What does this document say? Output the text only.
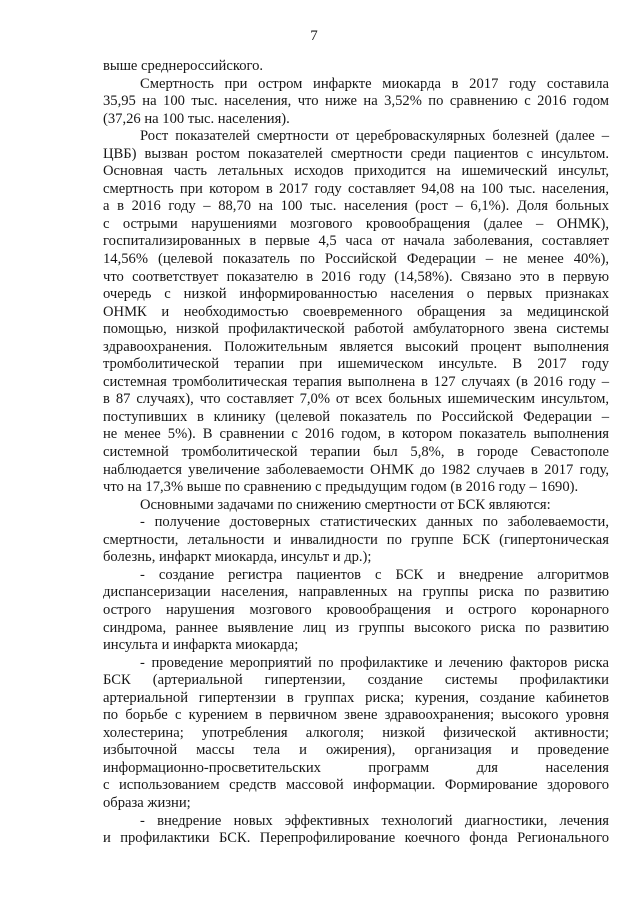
7

выше среднероссийского.

Смертность при остром инфаркте миокарда в 2017 году составила

35,95 на 100 тыс. населения, что ниже на 3,52% по сравнению с 2016 годом

(37,26 на 100 тыс. населения).

Рост показателей смертности от цереброваскулярных болезней (далее –

ЦВБ) вызван ростом показателей смертности среди пациентов с инсультом.

Основная часть летальных исходов приходится на ишемический инсульт,

смертность при котором в 2017 году составляет 94,08 на 100 тыс. населения,

а в 2016 году – 88,70 на 100 тыс. населения (рост – 6,1%). Доля больных

с острыми нарушениями мозгового кровообращения (далее – ОНМК),

госпитализированных в первые 4,5 часа от начала заболевания, составляет

14,56% (целевой показатель по Российской Федерации – не менее 40%),

что соответствует показателю в 2016 году (14,58%). Связано это в первую

очередь с низкой информированностью населения о первых признаках

ОНМК и необходимостью своевременного обращения за медицинской

помощью, низкой профилактической работой амбулаторного звена системы

здравоохранения. Положительным является высокий процент выполнения

тромболитической терапии при ишемическом инсульте. В 2017 году

системная тромболитическая терапия выполнена в 127 случаях (в 2016 году –

в 87 случаях), что составляет 7,0% от всех больных ишемическим инсультом,

поступивших в клинику (целевой показатель по Российской Федерации –

не менее 5%). В сравнении с 2016 годом, в котором показатель выполнения

системной тромболитической терапии был 5,8%, в городе Севастополе

наблюдается увеличение заболеваемости ОНМК до 1982 случаев в 2017 году,

что на 17,3% выше по сравнению с предыдущим годом (в 2016 году – 1690).

Основными задачами по снижению смертности от БСК являются:

- получение достоверных статистических данных по заболеваемости,

смертности, летальности и инвалидности по группе БСК (гипертоническая

болезнь, инфаркт миокарда, инсульт и др.);

- создание регистра пациентов с БСК и внедрение алгоритмов

диспансеризации населения, направленных на группы риска по развитию

острого нарушения мозгового кровообращения и острого коронарного

синдрома, раннее выявление лиц из группы высокого риска по развитию

инсульта и инфаркта миокарда;

- проведение мероприятий по профилактике и лечению факторов риска

БСК (артериальной гипертензии, создание системы профилактики

артериальной гипертензии в группах риска; курения, создание кабинетов

по борьбе с курением в первичном звене здравоохранения; высокого уровня

холестерина; употребления алкоголя; низкой физической активности;

избыточной массы тела и ожирения), организация и проведение

информационно-просветительских программ для населения

с использованием средств массовой информации. Формирование здорового

образа жизни;

- внедрение новых эффективных технологий диагностики, лечения

и профилактики БСК. Перепрофилирование коечного фонда Регионального
